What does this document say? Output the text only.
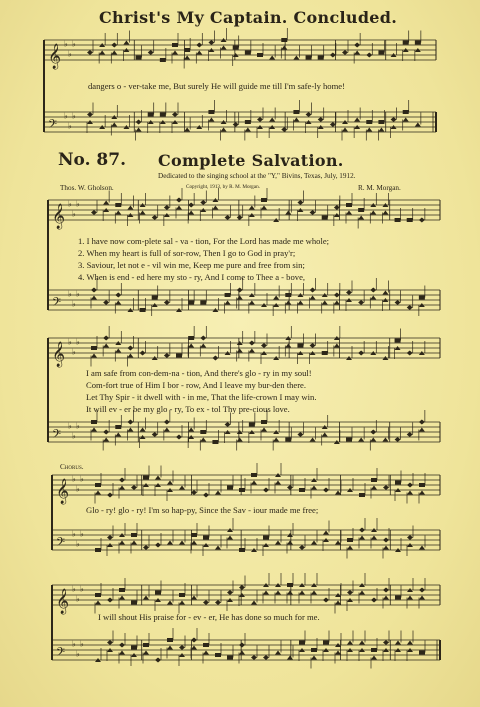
Christ's My Captain. Concluded.
𝄞 ♭
♭
♭
𝄢
♭
♭
♭
𝄞 ♭
♭
♭
𝄢
♭
♭
♭
𝄞 ♭
♭
♭
𝄢
♭
♭
♭
𝄞 ♭
♭
♭
𝄢
♭
♭
♭
𝄞 ♭
♭
♭
𝄢
♭
♭
♭
dangers o - ver-take me, But surely He will guide me till I'm safe-ly home!
No. 87. Complete Salvation.
Dedicated to the singing school at the "Y," Bivins, Texas, July, 1912.
Thos. W. Gholson.	Copyright, 1913, by R. M. Morgan.	R. M. Morgan.
1. I have now com-plete sal - va - tion, For the Lord has made me whole;
2. When my heart is full of sor-row, Then I go to God in pray'r;
3. Saviour, let not e - vil win me, Keep me pure and free from sin;
4. When is end - ed here my sto - ry, And I come to Thee a - bove,
I am safe from con-dem-na - tion, And there's glo - ry in my soul!
Com-fort true of Him I bor - row, And I leave my bur-den there.
Let Thy Spir - it dwell with - in me, That the life-crown I may win.
It will ev - er be my glo - ry, To ex - tol Thy pre-cious love.
Chorus.
Glo - ry! glo - ry! I'm so hap-py, Since the Sav - iour made me free;
I will shout His praise for - ev - er, He has done so much for me.
